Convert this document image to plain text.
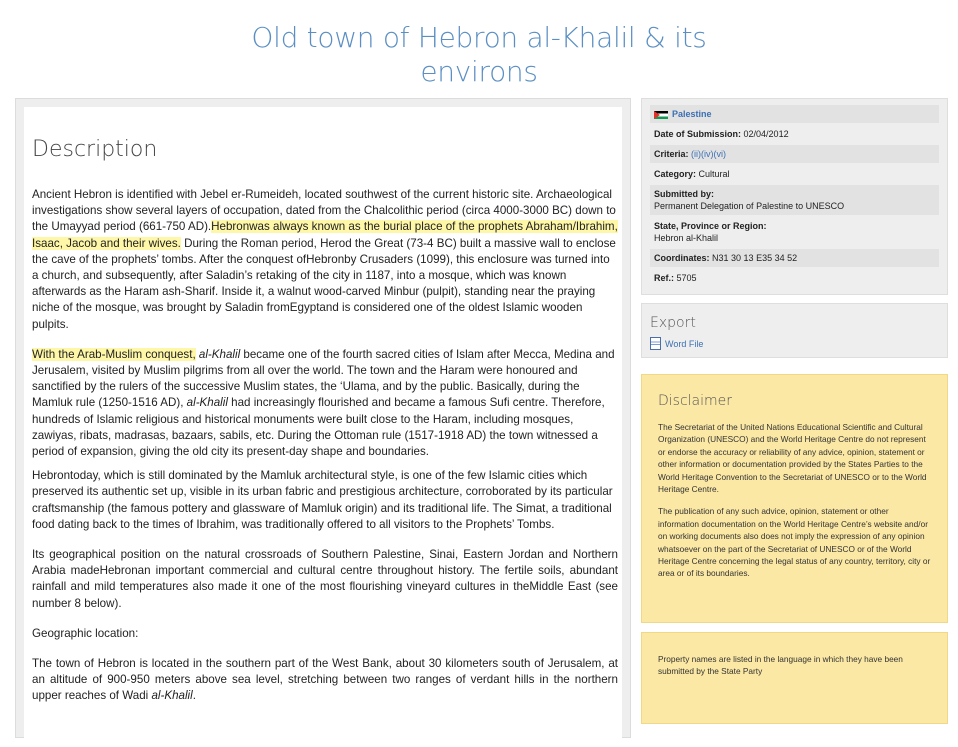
Old town of Hebron al-Khalil & its
environs
Description

Ancient Hebron is identified with Jebel er-Rumeideh, located southwest of the current historic site. Archaeological investigations show several layers of occupation, dated from the Chalcolithic period (circa 4000-3000 BC) down to the Umayyad period (661-750 AD).Hebronwas always known as the burial place of the prophets Abraham/Ibrahim, Isaac, Jacob and their wives. During the Roman period, Herod the Great (73-4 BC) built a massive wall to enclose the cave of the prophets’ tombs. After the conquest ofHebronby Crusaders (1099), this enclosure was turned into a church, and subsequently, after Saladin’s retaking of the city in 1187, into a mosque, which was known afterwards as the Haram ash-Sharif. Inside it, a walnut wood-carved Minbur (pulpit), standing near the praying niche of the mosque, was brought by Saladin fromEgyptand is considered one of the oldest Islamic wooden pulpits.

With the Arab-Muslim conquest, al-Khalil became one of the fourth sacred cities of Islam after Mecca, Medina and Jerusalem, visited by Muslim pilgrims from all over the world. The town and the Haram were honoured and sanctified by the rulers of the successive Muslim states, the ‘Ulama, and by the public. Basically, during the Mamluk rule (1250-1516 AD), al-Khalil had increasingly flourished and became a famous Sufi centre. Therefore, hundreds of Islamic religious and historical monuments were built close to the Haram, including mosques, zawiyas, ribats, madrasas, bazaars, sabils, etc. During the Ottoman rule (1517-1918 AD) the town witnessed a period of expansion, giving the old city its present-day shape and boundaries.

Hebrontoday, which is still dominated by the Mamluk architectural style, is one of the few Islamic cities which preserved its authentic set up, visible in its urban fabric and prestigious architecture, corroborated by its particular craftsmanship (the famous pottery and glassware of Mamluk origin) and its traditional life. The Simat, a traditional food dating back to the times of Ibrahim, was traditionally offered to all visitors to the Prophets’ Tombs.

Its geographical position on the natural crossroads of Southern Palestine, Sinai, Eastern Jordan and Northern Arabia madeHebronan important commercial and cultural centre throughout history. The fertile soils, abundant rainfall and mild temperatures also made it one of the most flourishing vineyard cultures in theMiddle East (see number 8 below).

Geographic location:

The town of Hebron is located in the southern part of the West Bank, about 30 kilometers south of Jerusalem, at an altitude of 900-950 meters above sea level, stretching between two ranges of verdant hills in the northern upper reaches of Wadi al-Khalil.

Palestine
Date of Submission: 02/04/2012
Criteria: (ii)(iv)(vi)
Category: Cultural
Submitted by:
Permanent Delegation of Palestine to UNESCO
State, Province or Region:
Hebron al-Khalil
Coordinates: N31 30 13 E35 34 52
Ref.: 5705
Export
Word File
Disclaimer

The Secretariat of the United Nations Educational Scientific and Cultural Organization (UNESCO) and the World Heritage Centre do not represent or endorse the accuracy or reliability of any advice, opinion, statement or other information or documentation provided by the States Parties to the World Heritage Convention to the Secretariat of UNESCO or to the World Heritage Centre.

The publication of any such advice, opinion, statement or other information documentation on the World Heritage Centre’s website and/or on working documents also does not imply the expression of any opinion whatsoever on the part of the Secretariat of UNESCO or of the World Heritage Centre concerning the legal status of any country, territory, city or area or of its boundaries.

Property names are listed in the language in which they have been submitted by the State Party
